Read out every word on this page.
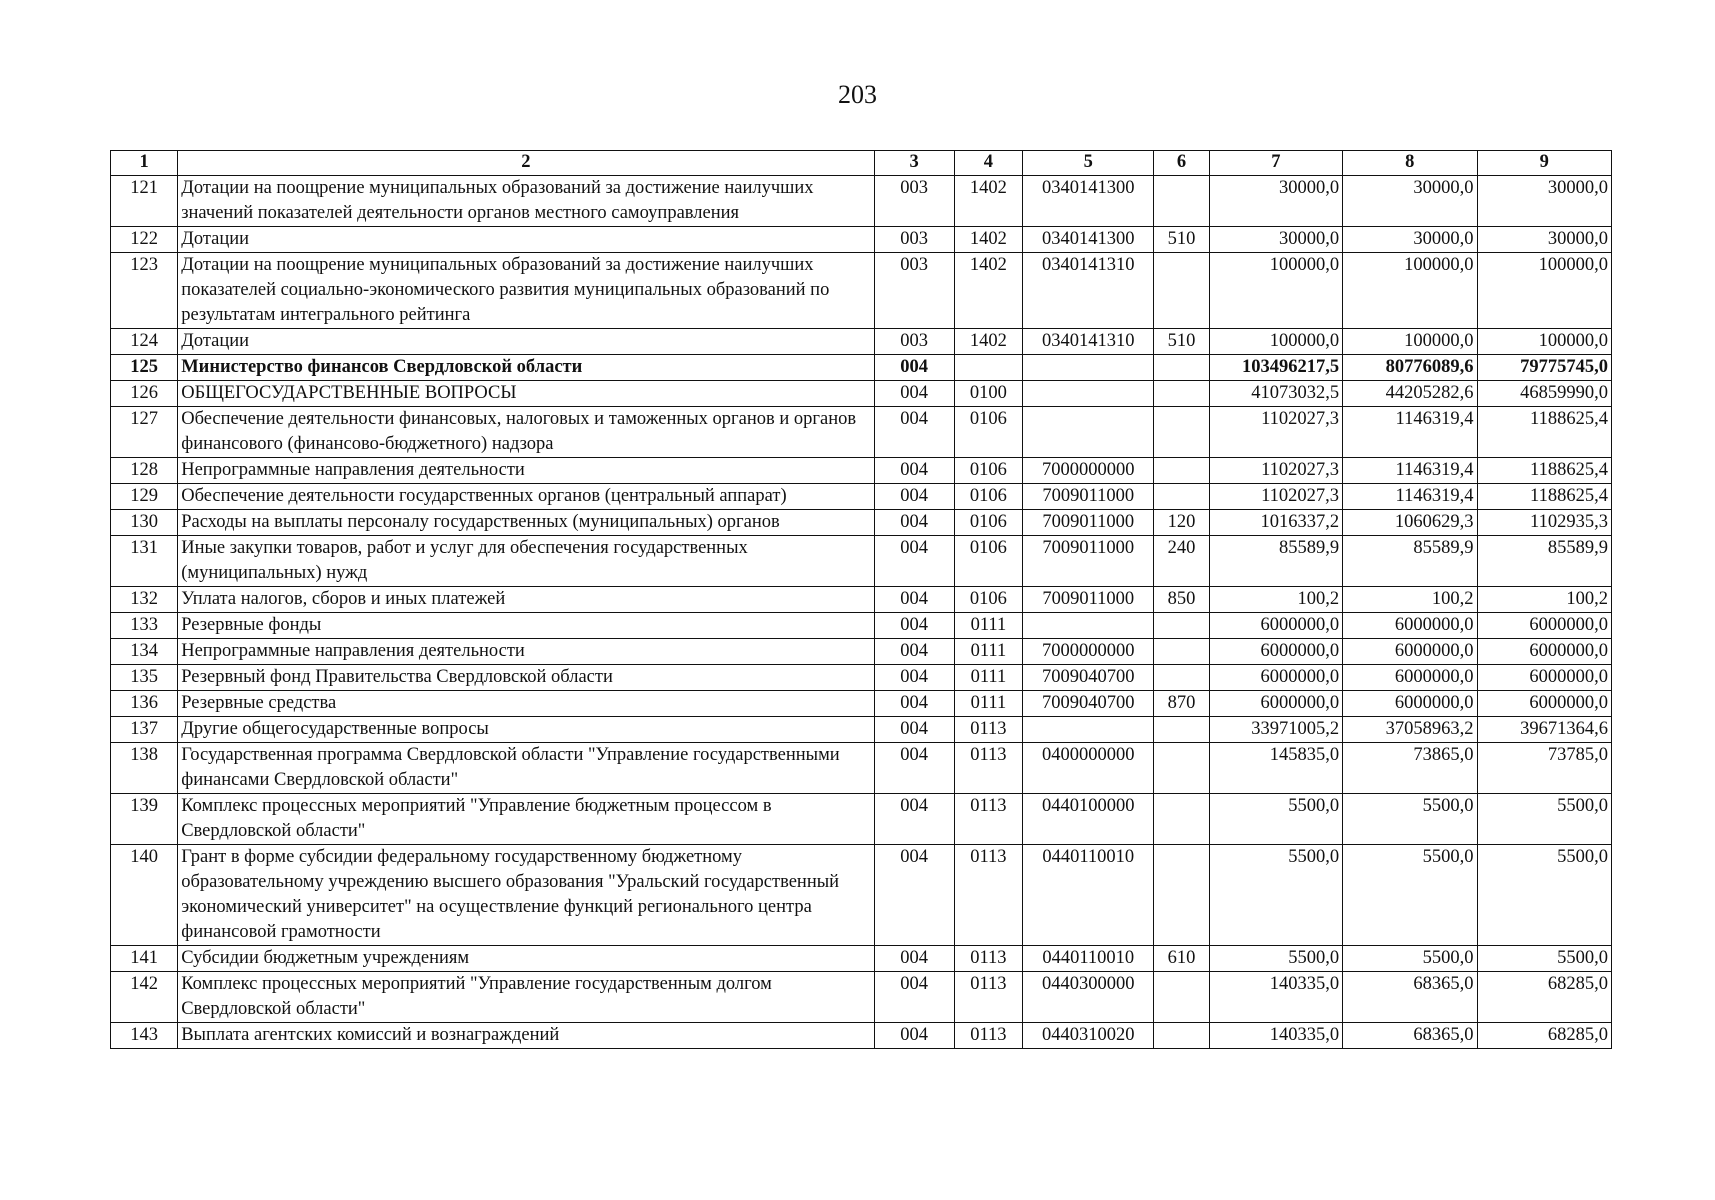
203
1	2	3	4	5	6	7	8	9
121	Дотации на поощрение муниципальных образований за достижение наилучших значений показателей деятельности органов местного самоуправления	003	1402	0340141300		30000,0	30000,0	30000,0
122	Дотации	003	1402	0340141300	510	30000,0	30000,0	30000,0
123	Дотации на поощрение муниципальных образований за достижение наилучших показателей социально-экономического развития муниципальных образований по результатам интегрального рейтинга	003	1402	0340141310		100000,0	100000,0	100000,0
124	Дотации	003	1402	0340141310	510	100000,0	100000,0	100000,0
125	Министерство финансов Свердловской области	004				103496217,5	80776089,6	79775745,0
126	ОБЩЕГОСУДАРСТВЕННЫЕ ВОПРОСЫ	004	0100			41073032,5	44205282,6	46859990,0
127	Обеспечение деятельности финансовых, налоговых и таможенных органов и органов финансового (финансово-бюджетного) надзора	004	0106			1102027,3	1146319,4	1188625,4
128	Непрограммные направления деятельности	004	0106	7000000000		1102027,3	1146319,4	1188625,4
129	Обеспечение деятельности государственных органов (центральный аппарат)	004	0106	7009011000		1102027,3	1146319,4	1188625,4
130	Расходы на выплаты персоналу государственных (муниципальных) органов	004	0106	7009011000	120	1016337,2	1060629,3	1102935,3
131	Иные закупки товаров, работ и услуг для обеспечения государственных (муниципальных) нужд	004	0106	7009011000	240	85589,9	85589,9	85589,9
132	Уплата налогов, сборов и иных платежей	004	0106	7009011000	850	100,2	100,2	100,2
133	Резервные фонды	004	0111			6000000,0	6000000,0	6000000,0
134	Непрограммные направления деятельности	004	0111	7000000000		6000000,0	6000000,0	6000000,0
135	Резервный фонд Правительства Свердловской области	004	0111	7009040700		6000000,0	6000000,0	6000000,0
136	Резервные средства	004	0111	7009040700	870	6000000,0	6000000,0	6000000,0
137	Другие общегосударственные вопросы	004	0113			33971005,2	37058963,2	39671364,6
138	Государственная программа Свердловской области "Управление государственными финансами Свердловской области"	004	0113	0400000000		145835,0	73865,0	73785,0
139	Комплекс процессных мероприятий "Управление бюджетным процессом в Свердловской области"	004	0113	0440100000		5500,0	5500,0	5500,0
140	Грант в форме субсидии федеральному государственному бюджетному образовательному учреждению высшего образования "Уральский государственный экономический университет" на осуществление функций регионального центра финансовой грамотности	004	0113	0440110010		5500,0	5500,0	5500,0
141	Субсидии бюджетным учреждениям	004	0113	0440110010	610	5500,0	5500,0	5500,0
142	Комплекс процессных мероприятий "Управление государственным долгом Свердловской области"	004	0113	0440300000		140335,0	68365,0	68285,0
143	Выплата агентских комиссий и вознаграждений	004	0113	0440310020		140335,0	68365,0	68285,0
